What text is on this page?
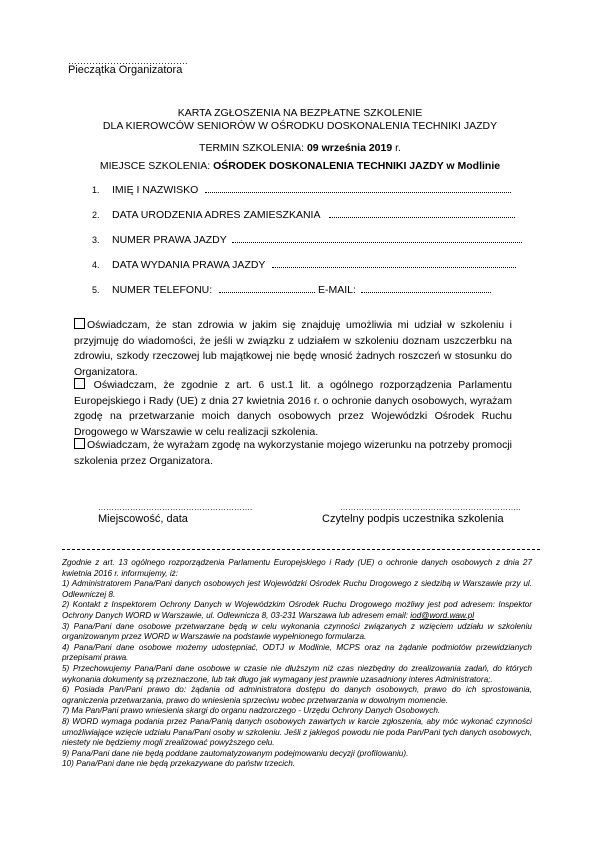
………………………………….
Pieczątka Organizatora
KARTA ZGŁOSZENIA NA BEZPŁATNE SZKOLENIE
DLA KIEROWCÓW SENIORÓW W OŚRODKU DOSKONALENIA TECHNIKI JAZDY
TERMIN SZKOLENIA: 09 września 2019 r.
MIEJSCE SZKOLENIA: OŚRODEK DOSKONALENIA TECHNIKI JAZDY w Modlinie
1. IMIĘ I NAZWISKO
2. DATA URODZENIA ADRES ZAMIESZKANIA
3. NUMER PRAWA JAZDY
4. DATA WYDANIA PRAWA JAZDY
5. NUMER TELEFONU:	E-MAIL:
Oświadczam, że stan zdrowia w jakim się znajduję umożliwia mi udział w szkoleniu i przyjmuję do wiadomości, że jeśli w związku z udziałem w szkoleniu doznam uszczerbku na zdrowiu, szkody rzeczowej lub majątkowej nie będę wnosić żadnych roszczeń w stosunku do Organizatora.
Oświadczam, że zgodnie z art. 6 ust.1 lit. a ogólnego rozporządzenia Parlamentu Europejskiego i Rady (UE) z dnia 27 kwietnia 2016 r. o ochronie danych osobowych, wyrażam zgodę na przetwarzanie moich danych osobowych przez Wojewódzki Ośrodek Ruchu Drogowego w Warszawie w celu realizacji szkolenia.
Oświadczam, że wyrażam zgodę na wykorzystanie mojego wizerunku na potrzeby promocji szkolenia przez Organizatora.
………………………………………………….
Miejscowość, data
…………………………………………………………..
Czytelny podpis uczestnika szkolenia

Zgodnie z art. 13 ogólnego rozporządzenia Parlamentu Europejskiego i Rady (UE) o ochronie danych osobowych z dnia 27 kwietnia 2016 r. informujemy, iż:

1) Administratorem Pana/Pani danych osobowych jest Wojewódzki Ośrodek Ruchu Drogowego z siedzibą w Warszawie przy ul. Odlewniczej 8.

2) Kontakt z Inspektorem Ochrony Danych w Wojewódzkim Ośrodek Ruchu Drogowego możliwy jest pod adresem: Inspektor Ochrony Danych WORD w Warszawie, ul. Odlewnicza 8, 03-231 Warszawa lub adresem email: iod@word.waw.pl

3) Pana/Pani dane osobowe przetwarzane będą w celu wykonania czynności związanych z wzięciem udziału w szkoleniu organizowanym przez WORD w Warszawie na podstawie wypełnionego formularza.

4) Pana/Pani dane osobowe możemy udostępniać, ODTJ w Modlinie, MCPS oraz na żądanie podmiotów przewidzianych przepisami prawa.

5) Przechowujemy Pana/Pani dane osobowe w czasie nie dłuższym niż czas niezbędny do zrealizowania zadań, do których wykonania dokumenty są przeznaczone, lub tak długo jak wymagany jest prawnie uzasadniony interes Administratora;.

6) Posiada Pan/Pani prawo do: żądania od administratora dostępu do danych osobowych, prawo do ich sprostowania, ograniczenia przetwarzania, prawo do wniesienia sprzeciwu wobec przetwarzania w dowolnym momencie.

7) Ma Pan/Pani prawo wniesienia skargi do organu nadzorczego - Urzędu Ochrony Danych Osobowych.

8) WORD wymaga podania przez Pana/Panią danych osobowych zawartych w karcie zgłoszenia, aby móc wykonać czynności umożliwiające wzięcie udziału Pana/Pani osoby w szkoleniu. Jeśli z jakiegoś powodu nie poda Pan/Pani tych danych osobowych, niestety nie będziemy mogli zrealizować powyższego celu.

9) Pana/Pani dane nie będą poddane zautomatyzowanym podejmowaniu decyzji (profilowaniu).

10) Pana/Pani dane nie będą przekazywane do państw trzecich.
